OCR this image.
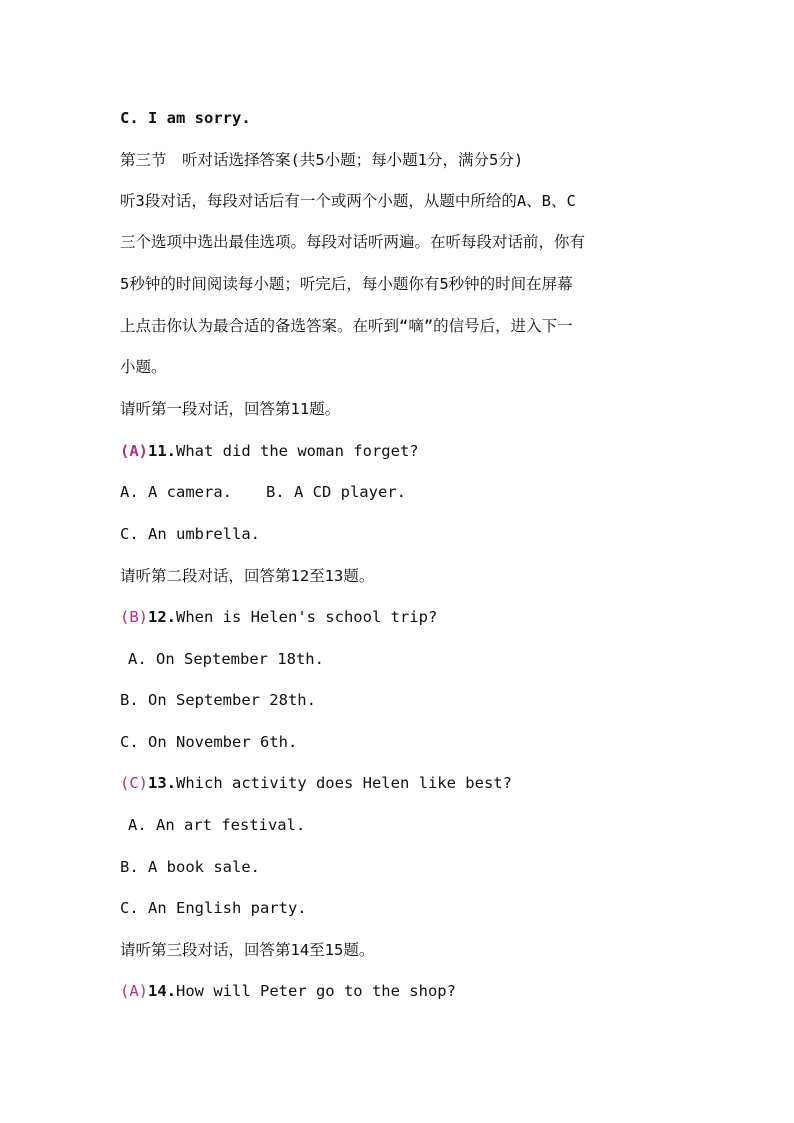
C. I am sorry.

第三节　听对话选择答案(共5小题；每小题1分，满分5分)

听3段对话，每段对话后有一个或两个小题，从题中所给的A、B、C

三个选项中选出最佳选项。每段对话听两遍。在听每段对话前，你有

5秒钟的时间阅读每小题；听完后，每小题你有5秒钟的时间在屏幕

上点击你认为最合适的备选答案。在听到“嘀”的信号后，进入下一

小题。

请听第一段对话，回答第11题。

(A)11.What did the woman forget?

A. A camera. B. A CD player.

C. An umbrella.

请听第二段对话，回答第12至13题。

(B)12.When is Helen's school trip?

A. On September 18th.

B. On September 28th.

C. On November 6th.

(C)13.Which activity does Helen like best?

A. An art festival.

B. A book sale.

C. An English party.

请听第三段对话，回答第14至15题。

(A)14.How will Peter go to the shop?
